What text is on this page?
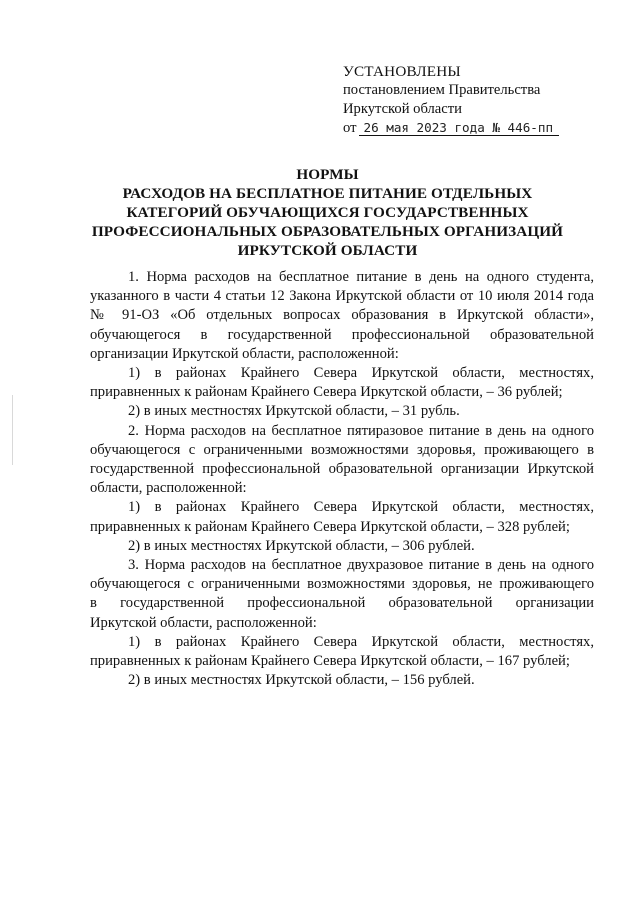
УСТАНОВЛЕНЫ
постановлением Правительства
Иркутской области
от 26 мая 2023 года № 446-пп
НОРМЫ
РАСХОДОВ НА БЕСПЛАТНОЕ ПИТАНИЕ ОТДЕЛЬНЫХ
КАТЕГОРИЙ ОБУЧАЮЩИХСЯ ГОСУДАРСТВЕННЫХ
ПРОФЕССИОНАЛЬНЫХ ОБРАЗОВАТЕЛЬНЫХ ОРГАНИЗАЦИЙ
ИРКУТСКОЙ ОБЛАСТИ
1. Норма расходов на бесплатное питание в день на одного студента,
указанного в части 4 статьи 12 Закона Иркутской области от 10 июля 2014 года
№ 91-ОЗ «Об отдельных вопросах образования в Иркутской области»,
обучающегося в государственной профессиональной образовательной
организации Иркутской области, расположенной:
1) в районах Крайнего Севера Иркутской области, местностях,
приравненных к районам Крайнего Севера Иркутской области, – 36 рублей;
2) в иных местностях Иркутской области, – 31 рубль.
2. Норма расходов на бесплатное пятиразовое питание в день на одного
обучающегося с ограниченными возможностями здоровья, проживающего в
государственной профессиональной образовательной организации Иркутской
области, расположенной:
1) в районах Крайнего Севера Иркутской области, местностях,
приравненных к районам Крайнего Севера Иркутской области, – 328 рублей;
2) в иных местностях Иркутской области, – 306 рублей.
3. Норма расходов на бесплатное двухразовое питание в день на одного
обучающегося с ограниченными возможностями здоровья, не проживающего
в государственной профессиональной образовательной организации
Иркутской области, расположенной:
1) в районах Крайнего Севера Иркутской области, местностях,
приравненных к районам Крайнего Севера Иркутской области, – 167 рублей;
2) в иных местностях Иркутской области, – 156 рублей.
